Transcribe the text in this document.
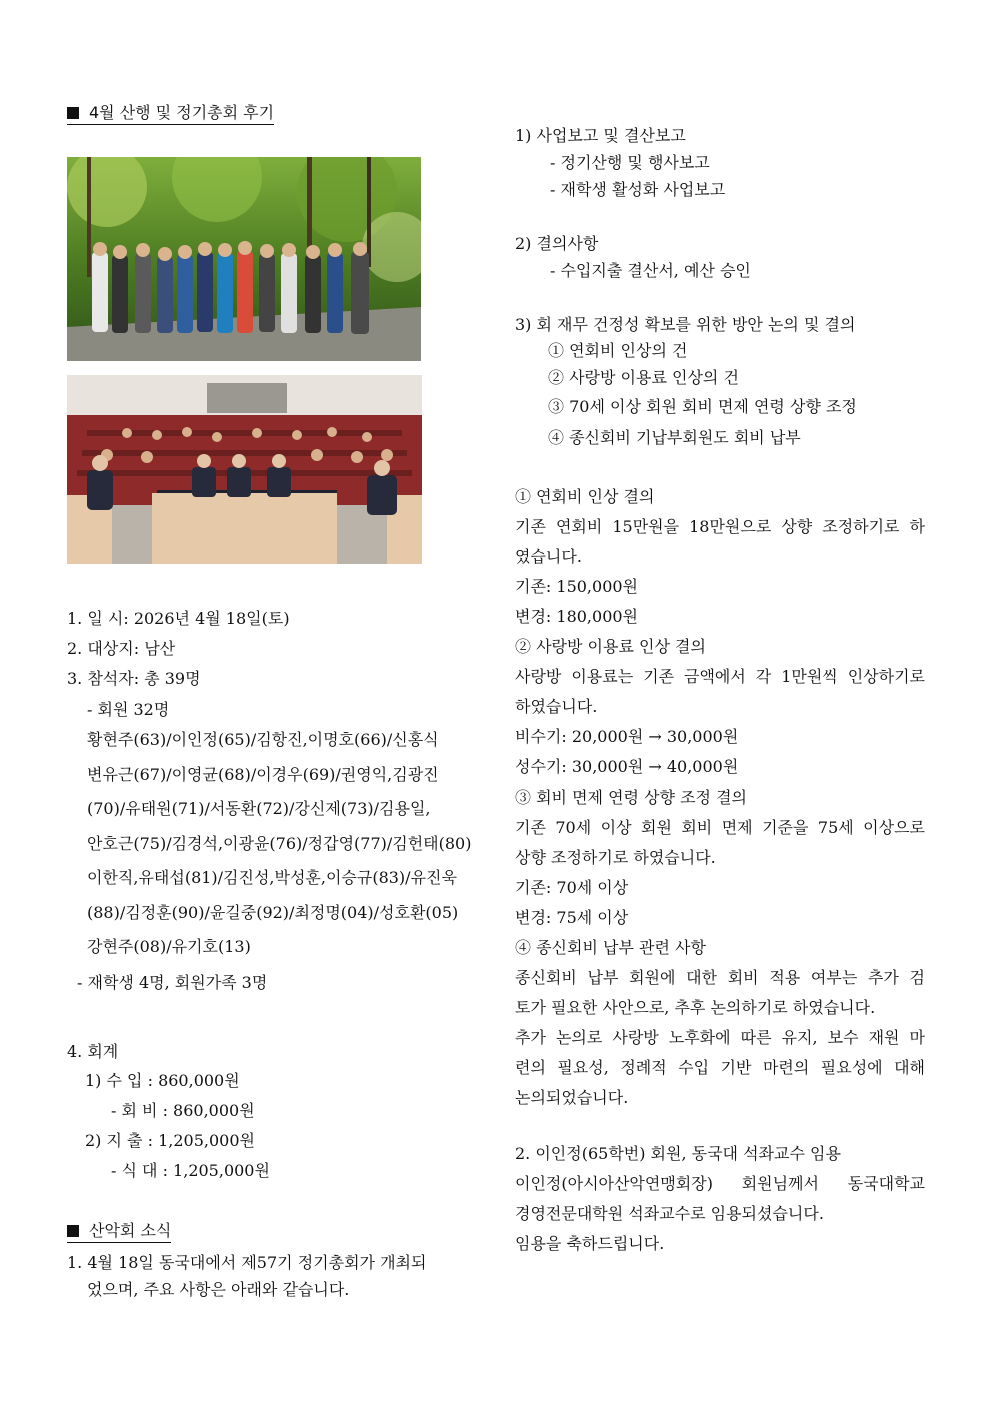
4월 산행 및 정기총회 후기
1. 일 시: 2026년 4월 18일(토)
2. 대상지: 남산
3. 참석자: 총 39명
- 회원 32명
황현주(63)/이인정(65)/김항진,이명호(66)/신홍식
변유근(67)/이영균(68)/이경우(69)/권영익,김광진
(70)/유태원(71)/서동환(72)/강신제(73)/김용일,
안호근(75)/김경석,이광윤(76)/정갑영(77)/김헌태(80)
이한직,유태섭(81)/김진성,박성훈,이승규(83)/유진욱
(88)/김정훈(90)/윤길중(92)/최정명(04)/성호환(05)
강현주(08)/유기호(13)
- 재학생 4명, 회원가족 3명
4. 회계
1) 수 입 : 860,000원
- 회 비 : 860,000원
2) 지 출 : 1,205,000원
- 식 대 : 1,205,000원
산악회 소식
1. 4월 18일 동국대에서 제57기 정기총회가 개최되
었으며, 주요 사항은 아래와 같습니다.
1) 사업보고 및 결산보고
- 정기산행 및 행사보고
- 재학생 활성화 사업보고
2) 결의사항
- 수입지출 결산서, 예산 승인
3) 회 재무 건정성 확보를 위한 방안 논의 및 결의
① 연회비 인상의 건
② 사랑방 이용료 인상의 건
③ 70세 이상 회원 회비 면제 연령 상향 조정
④ 종신회비 기납부회원도 회비 납부
① 연회비 인상 결의
기존 연회비 15만원을 18만원으로 상향 조정하기로 하
였습니다.
기존: 150,000원
변경: 180,000원
② 사랑방 이용료 인상 결의
사랑방 이용료는 기존 금액에서 각 1만원씩 인상하기로
하였습니다.
비수기: 20,000원 → 30,000원
성수기: 30,000원 → 40,000원
③ 회비 면제 연령 상향 조정 결의
기존 70세 이상 회원 회비 면제 기준을 75세 이상으로
상향 조정하기로 하였습니다.
기존: 70세 이상
변경: 75세 이상
④ 종신회비 납부 관련 사항
종신회비 납부 회원에 대한 회비 적용 여부는 추가 검
토가 필요한 사안으로, 추후 논의하기로 하였습니다.
추가 논의로 사랑방 노후화에 따른 유지, 보수 재원 마
련의 필요성, 정례적 수입 기반 마련의 필요성에 대해
논의되었습니다.
2. 이인정(65학번) 회원, 동국대 석좌교수 임용
이인정(아시아산악연맹회장) 회원님께서 동국대학교
경영전문대학원 석좌교수로 임용되셨습니다.
임용을 축하드립니다.
